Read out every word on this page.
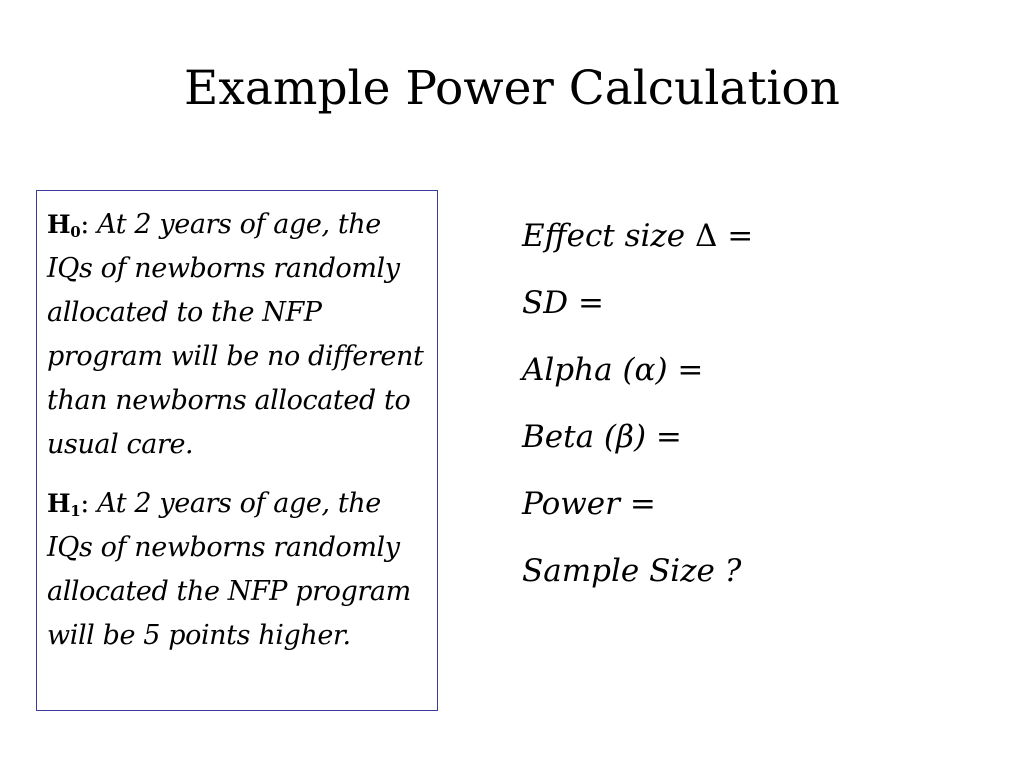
Example Power Calculation

$H_0$: At 2 years of age, the IQs of newborns randomly allocated to the NFP program will be no different than newborns allocated to usual care.

$H_1$: At 2 years of age, the IQs of newborns randomly allocated the NFP program will be 5 points higher.

Effect size Δ =
SD =
Alpha (α) =
Beta (β) =
Power =
Sample Size ?
